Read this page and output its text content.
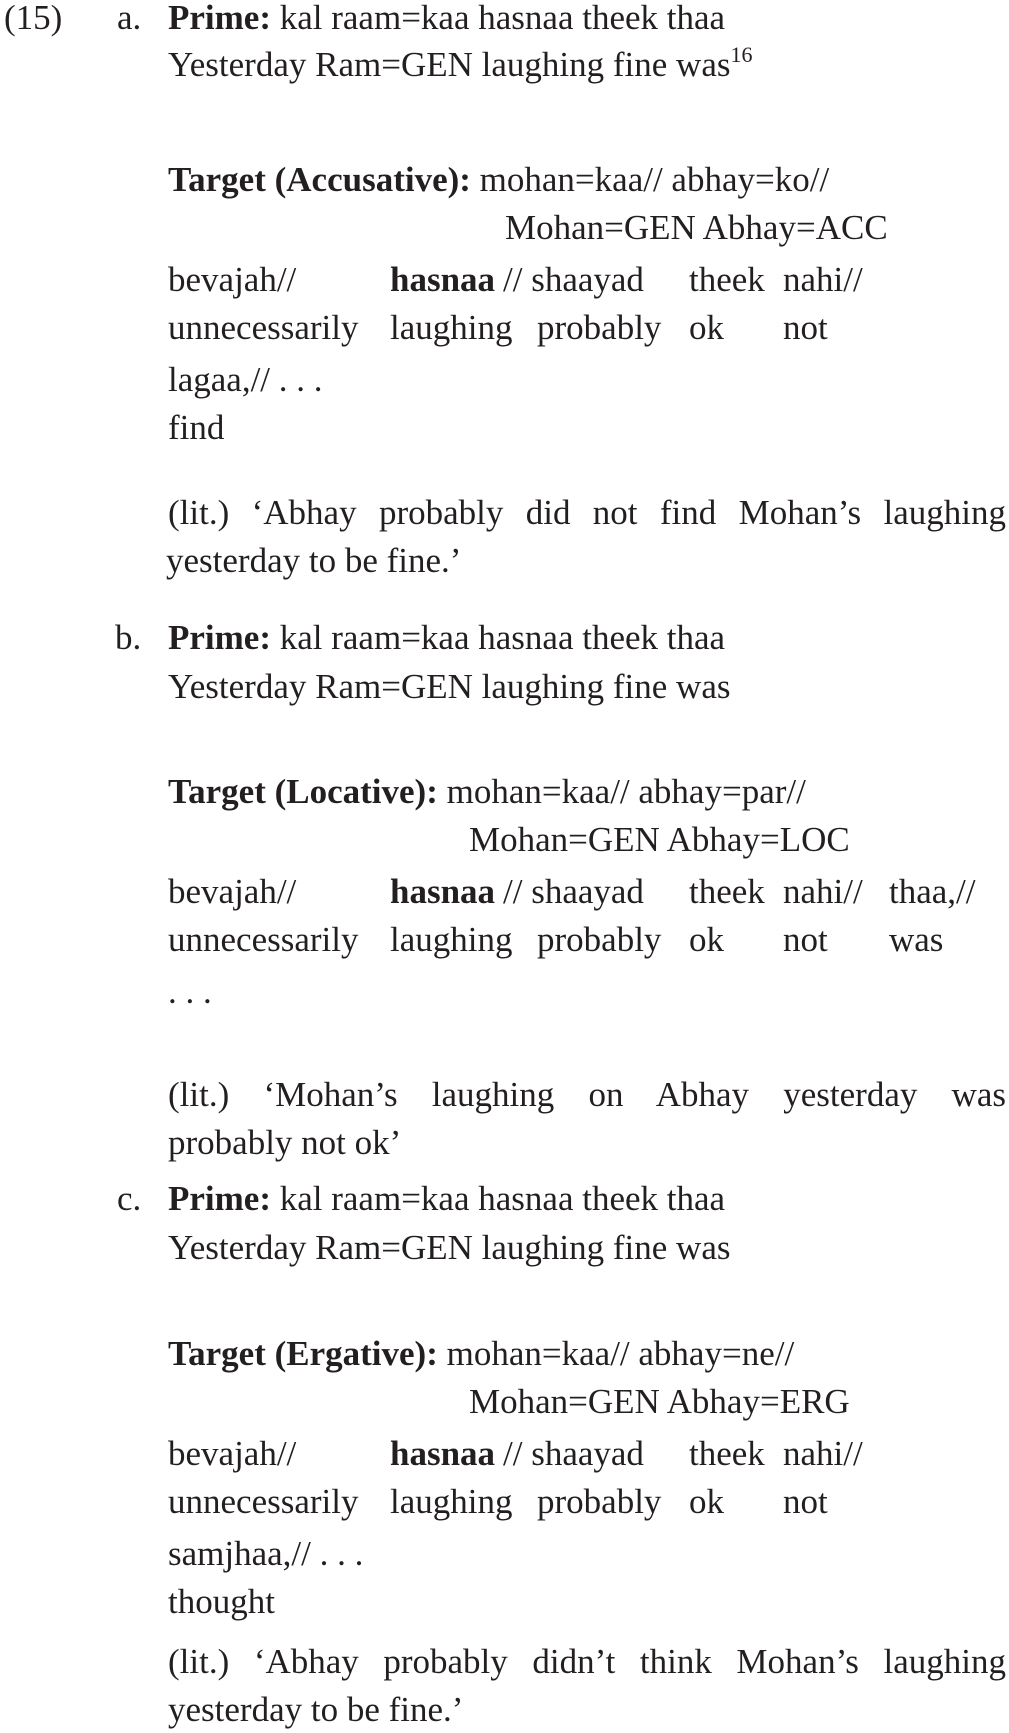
(15) a. Prime: kal raam=kaa hasnaa theek thaa
Yesterday Ram=GEN laughing fine was$^{16}$
Target (Accusative): mohan=kaa// abhay=ko//
Mohan=GEN Abhay=ACC
bevajah//	hasnaa // shaayad theek nahi//
unnecessarily laughing probably ok not
lagaa,// . . .
find
(lit.) ‘Abhay probably did not find Mohan’s laughing
yesterday to be fine.’
b. Prime: kal raam=kaa hasnaa theek thaa
Yesterday Ram=GEN laughing fine was
Target (Locative): mohan=kaa// abhay=par//
Mohan=GEN Abhay=LOC
bevajah//	hasnaa // shaayad theek nahi// thaa,//
unnecessarily laughing probably ok not was
. . .
(lit.) ‘Mohan’s laughing on Abhay yesterday was
probably not ok’
c. Prime: kal raam=kaa hasnaa theek thaa
Yesterday Ram=GEN laughing fine was
Target (Ergative): mohan=kaa// abhay=ne//
Mohan=GEN Abhay=ERG
bevajah//	hasnaa // shaayad theek nahi//
unnecessarily laughing probably ok not
samjhaa,// . . .
thought
(lit.) ‘Abhay probably didn’t think Mohan’s laughing
yesterday to be fine.’
